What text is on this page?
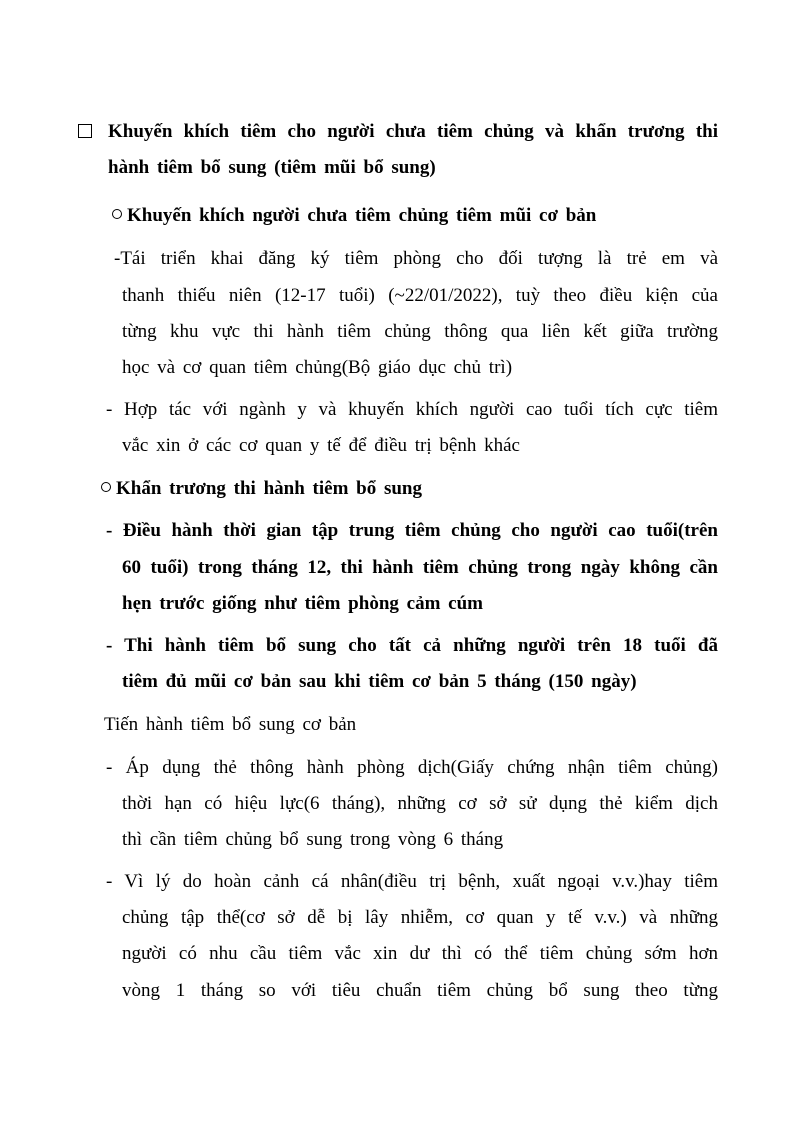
Khuyến khích tiêm cho người chưa tiêm chủng và khẩn trương thi
hành tiêm bổ sung (tiêm mũi bổ sung)
Khuyến khích người chưa tiêm chủng tiêm mũi cơ bản
-Tái triển khai đăng ký tiêm phòng cho đối tượng là trẻ em và
thanh thiếu niên (12-17 tuổi) (~22/01/2022), tuỳ theo điều kiện của
từng khu vực thi hành tiêm chủng thông qua liên kết giữa trường
học và cơ quan tiêm chủng(Bộ giáo dục chủ trì)
- Hợp tác với ngành y và khuyến khích người cao tuổi tích cực tiêm
vắc xin ở các cơ quan y tế để điều trị bệnh khác
Khẩn trương thi hành tiêm bổ sung
- Điều hành thời gian tập trung tiêm chủng cho người cao tuổi(trên
60 tuổi) trong tháng 12, thi hành tiêm chủng trong ngày không cần
hẹn trước giống như tiêm phòng cảm cúm
- Thi hành tiêm bổ sung cho tất cả những người trên 18 tuổi đã
tiêm đủ mũi cơ bản sau khi tiêm cơ bản 5 tháng (150 ngày)
Tiến hành tiêm bổ sung cơ bản
- Áp dụng thẻ thông hành phòng dịch(Giấy chứng nhận tiêm chủng)
thời hạn có hiệu lực(6 tháng), những cơ sở sử dụng thẻ kiểm dịch
thì cần tiêm chủng bổ sung trong vòng 6 tháng
- Vì lý do hoàn cảnh cá nhân(điều trị bệnh, xuất ngoại v.v.)hay tiêm
chủng tập thể(cơ sở dễ bị lây nhiễm, cơ quan y tế v.v.) và những
người có nhu cầu tiêm vắc xin dư thì có thể tiêm chủng sớm hơn
vòng 1 tháng so với tiêu chuẩn tiêm chủng bổ sung theo từng
